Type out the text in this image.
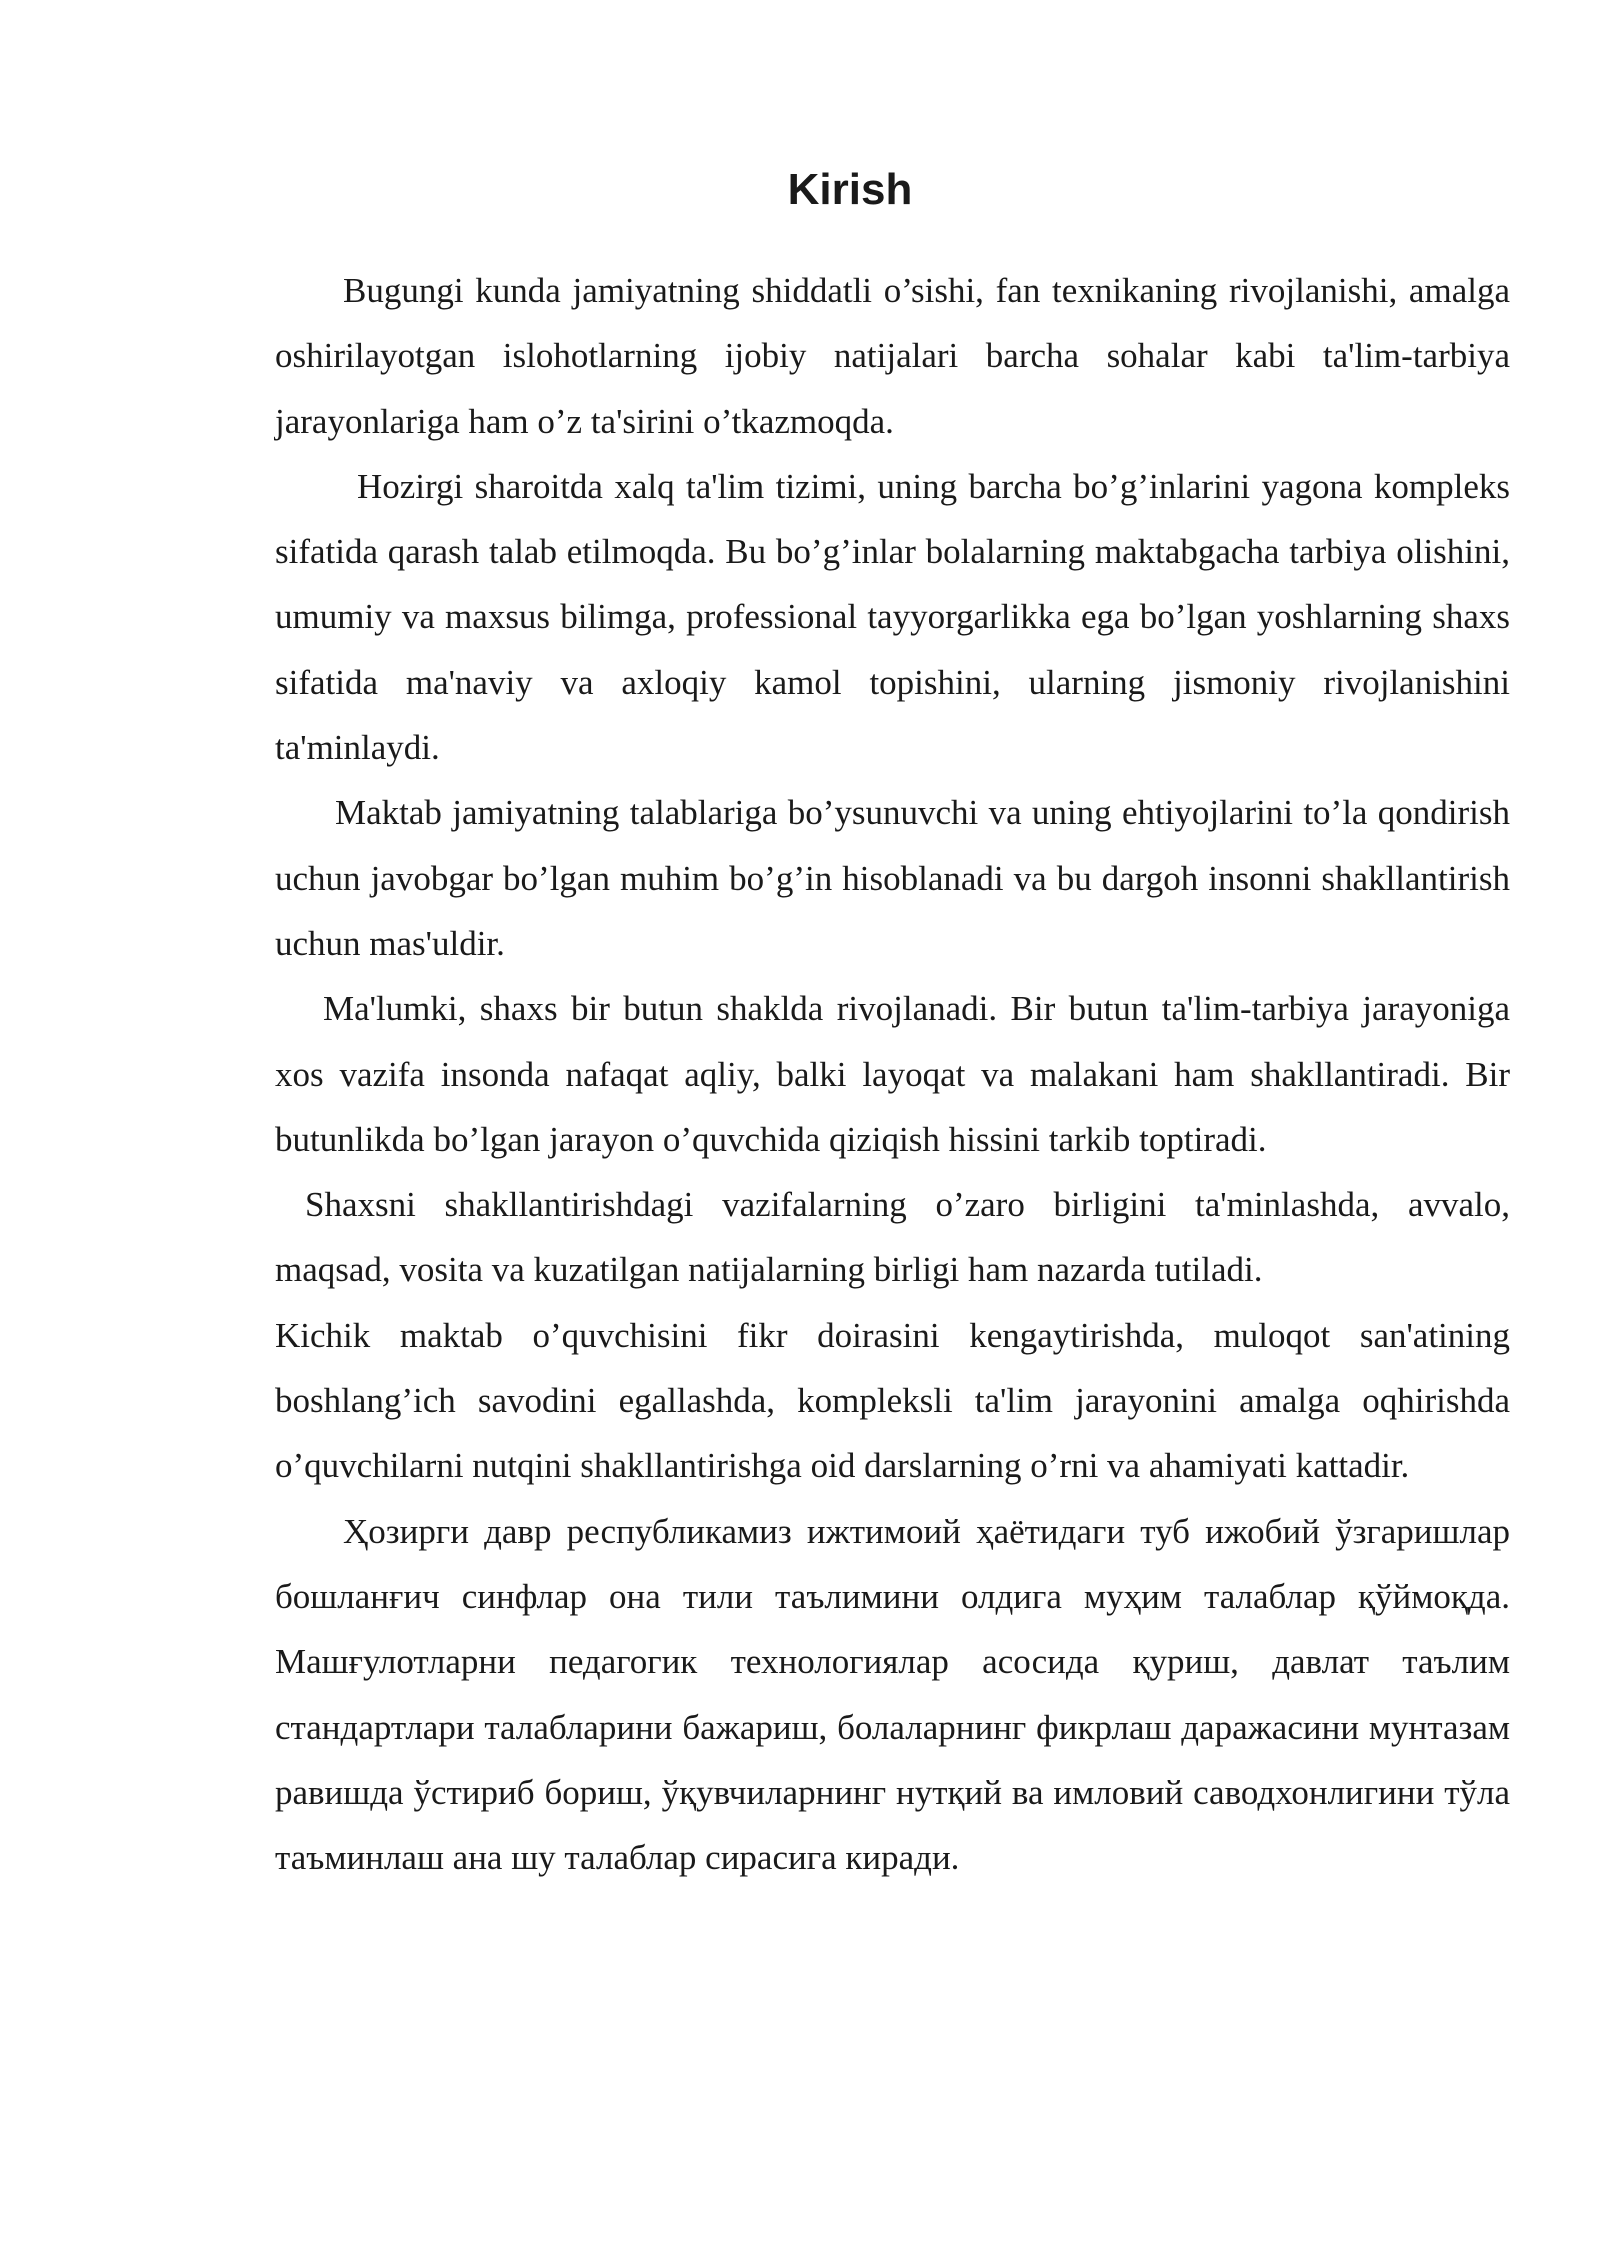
Kirish

Bugungi kunda jamiyatning shiddatli o’sishi, fan texnikaning rivojlanishi, amalga oshirilayotgan islohotlarning ijobiy natijalari barcha sohalar kabi ta'lim-tarbiya jarayonlariga ham o’z ta'sirini o’tkazmoqda.

Hozirgi sharoitda xalq ta'lim tizimi, uning barcha bo’g’inlarini yagona kompleks sifatida qarash talab etilmoqda. Bu bo’g’inlar bolalarning maktabgacha tarbiya olishini, umumiy va maxsus bilimga, professional tayyorgarlikka ega bo’lgan yoshlarning shaxs sifatida ma'naviy va axloqiy kamol topishini, ularning jismoniy rivojlanishini ta'minlaydi.

Maktab jamiyatning talablariga bo’ysunuvchi va uning ehtiyojlarini to’la qondirish uchun javobgar bo’lgan muhim bo’g’in hisoblanadi va bu dargoh insonni shakllantirish uchun mas'uldir.

Ma'lumki, shaxs bir butun shaklda rivojlanadi. Bir butun ta'lim-tarbiya jarayoniga xos vazifa insonda nafaqat aqliy, balki layoqat va malakani ham shakllantiradi. Bir butunlikda bo’lgan jarayon o’quvchida qiziqish hissini tarkib toptiradi.

Shaxsni shakllantirishdagi vazifalarning o’zaro birligini ta'minlashda, avvalo, maqsad, vosita va kuzatilgan natijalarning birligi ham nazarda tutiladi.

Kichik maktab o’quvchisini fikr doirasini kengaytirishda, muloqot san'atining boshlang’ich savodini egallashda, kompleksli ta'lim jarayonini amalga oqhirishda o’quvchilarni nutqini shakllantirishga oid darslarning o’rni va ahamiyati kattadir.

Ҳозирги давр республикамиз ижтимоий ҳаётидаги туб ижобий ўзгаришлар бошланғич синфлар она тили таълимини олдига муҳим талаблар қўймоқда. Машғулотларни педагогик технологиялар асосида қуриш, давлат таълим стандартлари талабларини бажариш, болаларнинг фикрлаш даражасини мунтазам равишда ўстириб бориш, ўқувчиларнинг нутқий ва имловий саводхонлигини тўла таъминлаш ана шу талаблар сирасига киради.
